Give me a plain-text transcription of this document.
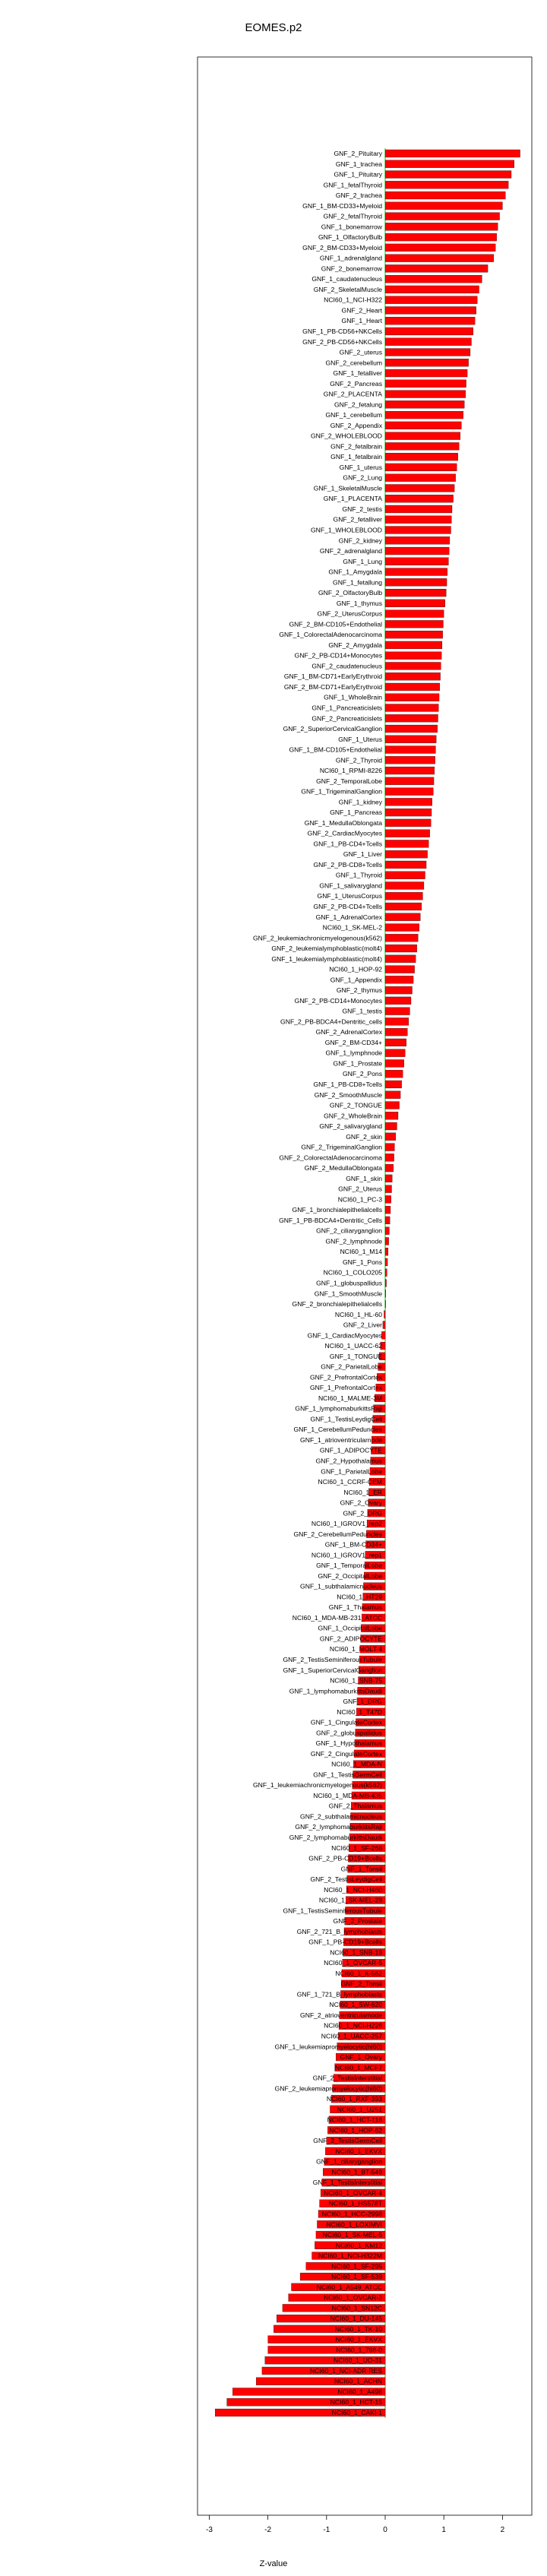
EOMES.p2
GNF_2_Pituitary
GNF_1_trachea
GNF_1_Pituitary
GNF_1_fetalThyroid
GNF_2_trachea
GNF_1_BM-CD33+Myeloid
GNF_2_fetalThyroid
GNF_1_bonemarrow
GNF_1_OlfactoryBulb
GNF_2_BM-CD33+Myeloid
GNF_1_adrenalgland
GNF_2_bonemarrow
GNF_1_caudatenucleus
GNF_2_SkeletalMuscle
NCI60_1_NCI-H322
GNF_2_Heart
GNF_1_Heart
GNF_1_PB-CD56+NKCells
GNF_2_PB-CD56+NKCells
GNF_2_uterus
GNF_2_cerebellum
GNF_1_fetalliver
GNF_2_Pancreas
GNF_2_PLACENTA
GNF_2_fetalung
GNF_1_cerebellum
GNF_2_Appendix
GNF_2_WHOLEBLOOD
GNF_2_fetalbrain
GNF_1_fetalbrain
GNF_1_uterus
GNF_2_Lung
GNF_1_SkeletalMuscle
GNF_1_PLACENTA
GNF_2_testis
GNF_2_fetalliver
GNF_1_WHOLEBLOOD
GNF_2_kidney
GNF_2_adrenalgland
GNF_1_Lung
GNF_1_Amygdala
GNF_1_fetallung
GNF_2_OlfactoryBulb
GNF_1_thymus
GNF_2_UterusCorpus
GNF_2_BM-CD105+Endothelial
GNF_1_ColorectalAdenocarcinoma
GNF_2_Amygdala
GNF_2_PB-CD14+Monocytes
GNF_2_caudatenucleus
GNF_1_BM-CD71+EarlyErythroid
GNF_2_BM-CD71+EarlyErythroid
GNF_1_WholeBrain
GNF_1_Pancreaticislets
GNF_2_Pancreaticislets
GNF_2_SuperiorCervicalGanglion
GNF_1_Uterus
GNF_1_BM-CD105+Endothelial
GNF_2_Thyroid
NCI60_1_RPMI-8226
GNF_2_TemporalLobe
GNF_1_TrigeminalGanglion
GNF_1_kidney
GNF_1_Pancreas
GNF_1_MedullaOblongata
GNF_2_CardiacMyocytes
GNF_1_PB-CD4+Tcells
GNF_1_Liver
GNF_2_PB-CD8+Tcells
GNF_1_Thyroid
GNF_1_salivarygland
GNF_1_UterusCorpus
GNF_2_PB-CD4+Tcells
GNF_1_AdrenalCortex
NCI60_1_SK-MEL-2
GNF_2_leukemiachronicmyelogenous(k562)
GNF_2_leukemialymphoblastic(molt4)
GNF_1_leukemialymphoblastic(molt4)
NCI60_1_HOP-92
GNF_1_Appendix
GNF_2_thymus
GNF_2_PB-CD14+Monocytes
GNF_1_testis
GNF_2_PB-BDCA4+Dentritic_cells
GNF_2_AdrenalCortex
GNF_2_BM-CD34+
GNF_1_lymphnode
GNF_1_Prostate
GNF_2_Pons
GNF_1_PB-CD8+Tcells
GNF_2_SmoothMuscle
GNF_2_TONGUE
GNF_2_WholeBrain
GNF_2_salivarygland
GNF_2_skin
GNF_2_TrigeminalGanglion
GNF_2_ColorectalAdenocarcinoma
GNF_2_MedullaOblongata
GNF_1_skin
GNF_2_Uterus
NCI60_1_PC-3
GNF_1_bronchialepithelialcells
GNF_1_PB-BDCA4+Dentritic_Cells
GNF_2_ciliaryganglion
GNF_2_lymphnode
NCI60_1_M14
GNF_1_Pons
NCI60_1_COLO205
GNF_1_globuspallidus
GNF_1_SmoothMuscle
GNF_2_bronchialepithelialcells
NCI60_1_HL-60
GNF_2_Liver
GNF_1_CardiacMyocytes
NCI60_1_UACC-62
GNF_1_TONGUE
GNF_2_ParietalLobe
GNF_2_PrefrontalCortex
GNF_1_PrefrontalCortex
NCI60_1_MALME-3M
GNF_1_lymphomaburkittsRaji
GNF_1_TestisLeydigCell
GNF_1_CerebellumPeduncles
GNF_1_atrioventricularnode
GNF_1_ADIPOCYTE
GNF_2_Hypothalamus
GNF_1_ParietalLobe
NCI60_1_CCRF-CEM
NCI60_1_ER
GNF_2_Ovary
GNF_2_DRG
NCI60_1_IGROV1_rep2
GNF_2_CerebellumPeduncles
GNF_1_BM-CD34+
NCI60_1_IGROV1_rep1
GNF_1_TemporalLobe
GNF_2_OccipitalLobe
GNF_1_subthalamicnucleus
NCI60_1_HT29
GNF_1_Thalamus
NCI60_1_MDA-MB-231_ATCC
GNF_1_OccipitalLobe
GNF_2_ADIPOCYTE
NCI60_1_MOLT-4
GNF_2_TestisSeminiferousTubule
GNF_1_SuperiorCervicalGanglion
NCI60_1_SNB-75
GNF_1_lymphomaburkittsDaudi
GNF_1_DRG
NCI60_1_T47D
GNF_1_CingulateCortex
GNF_2_globuspallidus
GNF_1_Hypothalamus
GNF_2_CingulateCortex
NCI60_1_MDA-N
GNF_1_TestisGermCell
GNF_1_leukemiachronicmyelogenous(k562)
NCI60_1_MDA-MB-435
GNF_2_Thalamus
GNF_2_subthalamicnucleus
GNF_2_lymphomaburkittsRaji
GNF_2_lymphomaburkittsDaudi
NCI60_1_SF-268
GNF_2_PB-CD19+Bcells
GNF_1_Tonsil
GNF_2_TestisLeydigCell
NCI60_1_NCI-H460
NCI60_1_SK-MEL-28
GNF_1_TestisSeminiferousTubule
GNF_2_Prostate
GNF_2_721_B_lymphoblasts
GNF_1_PB-CD19+Bcells
NCI60_1_SNB-19
NCI60_1_OVCAR-5
NCI60_1_K-562
GNF_2_Tonsil
GNF_1_721_B_lymphoblasts
NCI60_1_SW-620
GNF_2_atrioventricularnode
NCI60_1_NCI-H226
NCI60_1_UACC-257
GNF_1_leukemiapromyelocytic(hl60)
GNF_1_Ovary
NCI60_1_MCF7
GNF_2_TestisInterstitial
GNF_2_leukemiapromyelocytic(hl60)
NCI60_1_RXF-393
NCI60_1_U251
NCI60_1_HCT-116
NCI60_1_HOP-62
GNF_2_TestisGermCell
NCI60_1_EKVX
GNF_1_ciliaryganglion
NCI60_1_BT-549
GNF_1_TestisInterstitial
NCI60_1_OVCAR-4
NCI60_1_HS578T
NCI60_1_HCC-2998
NCI60_1_LOXIMVI
NCI60_1_SK-MEL-5
NCI60_1_KM12
NCI60_1_NCI-H322M
NCI60_1_SF-295
NCI60_1_SF-539
NCI60_1_A549_ATCC
NCI60_1_OVCAR-3
NCI60_1_SN12C
NCI60_1_DU-145
NCI60_1_TK-10
NCI60_1_EKVX
NCI60_1_786-0
NCI60_1_UO-31
NCI60_1_NCI-ADR-RES
NCI60_1_ACHN
NCI60_1_A498
NCI60_1_HCT-15
NCI60_1_CAKI-1
-3	-2	-1	0	1	2
Z-value
